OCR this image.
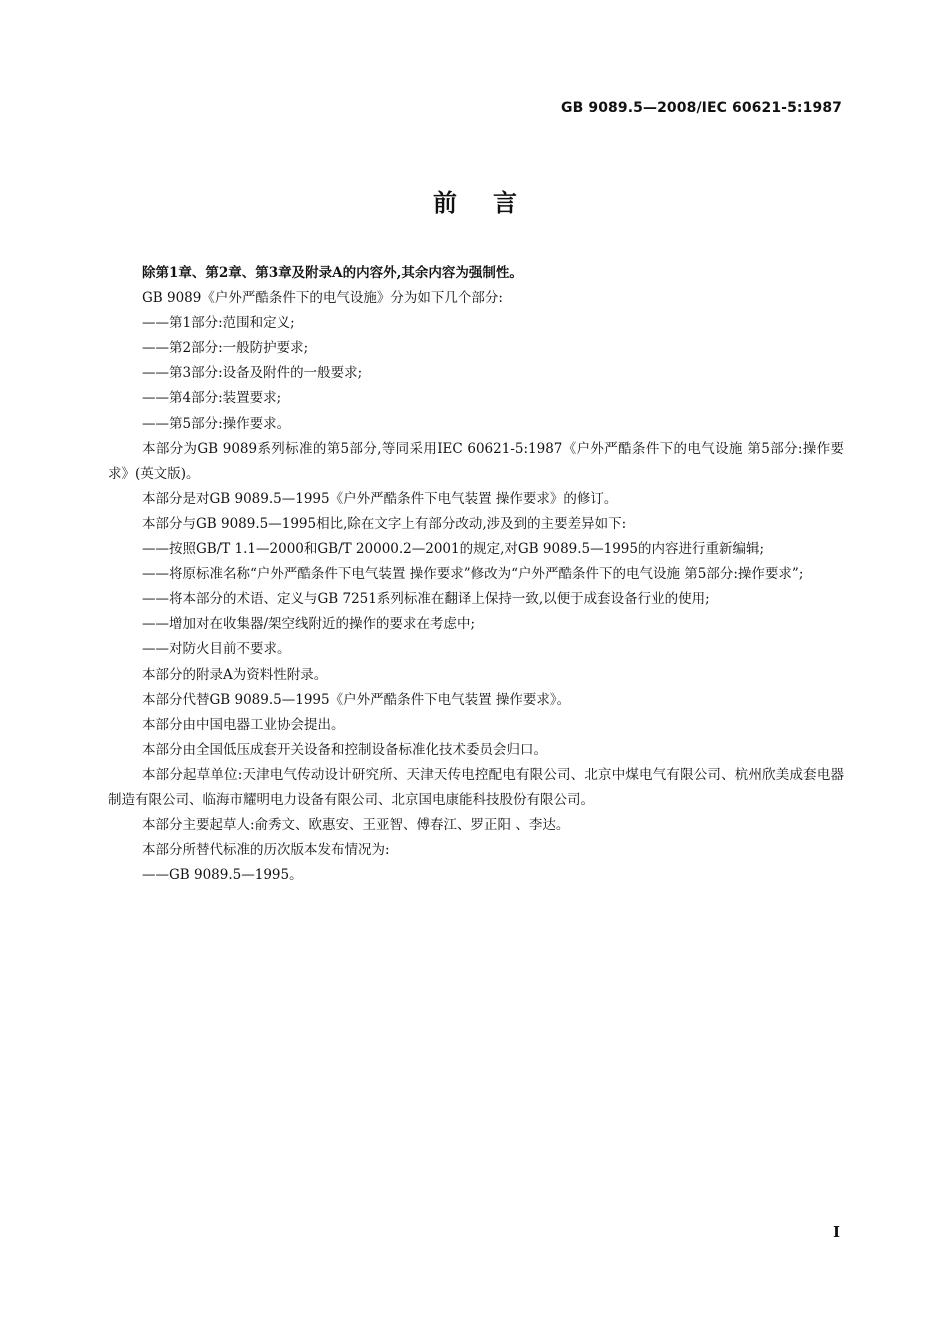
GB 9089.5—2008/IEC 60621-5:1987
前言

除第1章、第2章、第3章及附录A的内容外,其余内容为强制性。

GB 9089《户外严酷条件下的电气设施》分为如下几个部分:

——第1部分:范围和定义;

——第2部分:一般防护要求;

——第3部分:设备及附件的一般要求;

——第4部分:装置要求;

——第5部分:操作要求。

本部分为GB 9089系列标准的第5部分,等同采用IEC 60621-5:1987《户外严酷条件下的电气设施 第5部分:操作要求》(英文版)。

本部分是对GB 9089.5—1995《户外严酷条件下电气装置 操作要求》的修订。

本部分与GB 9089.5—1995相比,除在文字上有部分改动,涉及到的主要差异如下:

——按照GB/T 1.1—2000和GB/T 20000.2—2001的规定,对GB 9089.5—1995的内容进行重新编辑;

——将原标准名称“户外严酷条件下电气装置 操作要求”修改为“户外严酷条件下的电气设施 第5部分:操作要求”;

——将本部分的术语、定义与GB 7251系列标准在翻译上保持一致,以便于成套设备行业的使用;

——增加对在收集器/架空线附近的操作的要求在考虑中;

——对防火目前不要求。

本部分的附录A为资料性附录。

本部分代替GB 9089.5—1995《户外严酷条件下电气装置 操作要求》。

本部分由中国电器工业协会提出。

本部分由全国低压成套开关设备和控制设备标准化技术委员会归口。

本部分起草单位:天津电气传动设计研究所、天津天传电控配电有限公司、北京中煤电气有限公司、杭州欣美成套电器制造有限公司、临海市耀明电力设备有限公司、北京国电康能科技股份有限公司。

本部分主要起草人:俞秀文、欧惠安、王亚智、傅春江、罗正阳 、李达。

本部分所替代标准的历次版本发布情况为:

——GB 9089.5—1995。

I
